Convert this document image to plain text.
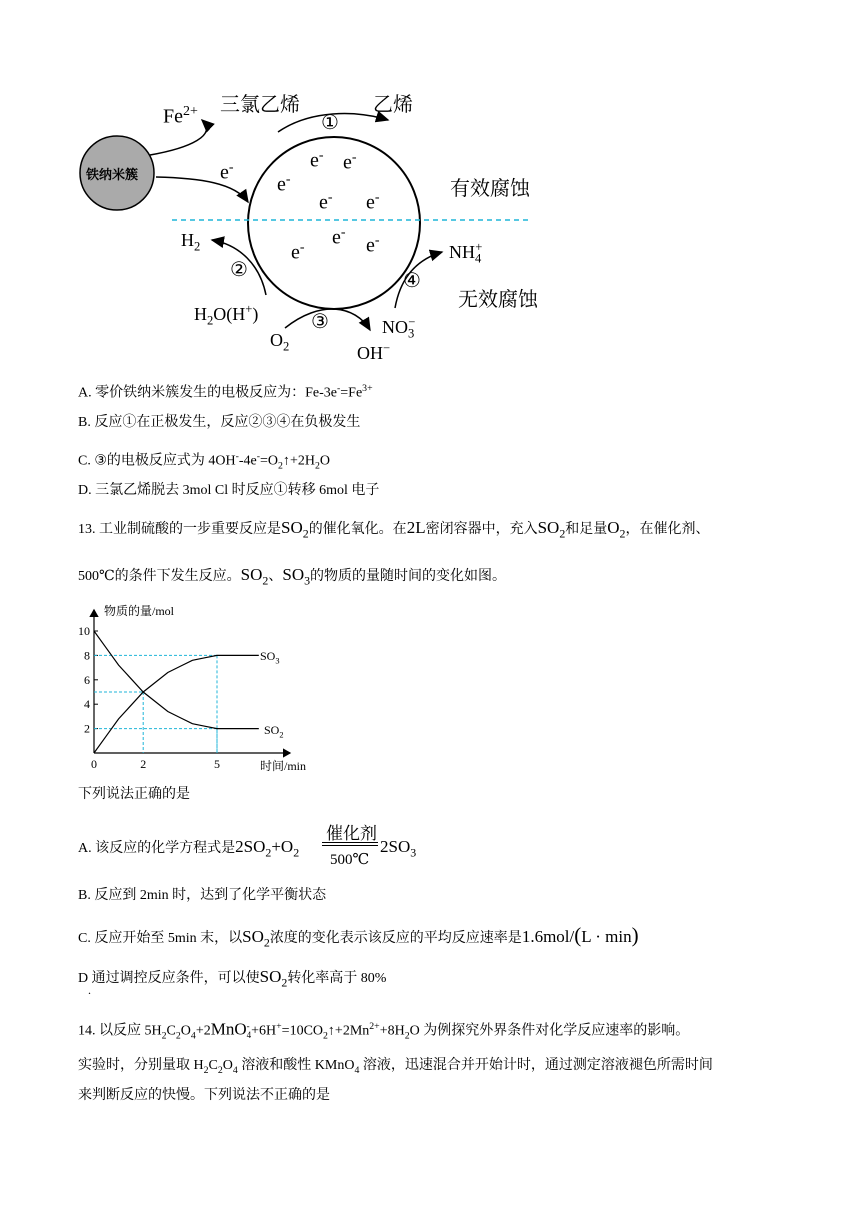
铁纳米簇
$Fe^{2+}$ 三氯乙烯	乙烯
①
有效腐蚀
无效腐蚀
e-
e-
e- e-
e- e-
e-
e-	e-
$H_2$
②
$H_2O(H^+)$	③
$O_2$	OH−
$NO_3^-$
④
$NH_4^+$
A. 零价铁纳米簇发生的电极反应为：$Fe-3e^-=Fe^{3+}$
B. 反应①在正极发生，反应②③④在负极发生
C. ③的电极反应式为 $4OH^--4e^-=O_2↑+2H_2O$
D. 三氯乙烯脱去 3mol Cl 时反应①转移 6mol 电子
13. 工业制硫酸的一步重要反应是$SO_2$的催化氧化。在2L密闭容器中，充入$SO_2$和足量$O_2$，在催化剂、
500℃的条件下发生反应。$SO_2$、$SO_3$的物质的量随时间的变化如图。
2
4
6
8
10
0	2	5
物质的量/mol
时间/min
$SO_3$
$SO_2$
下列说法正确的是
A. 该反应的化学方程式是$2SO_2+O_2$
催化剂
500℃
$2SO_3$
B. 反应到 2min 时，达到了化学平衡状态
C. 反应开始至 5min 末，以$SO_2$浓度的变化表示该反应的平均反应速率是1.6mol/(L · min)
D 通过调控反应条件，可以使$SO_2$转化率高于 80%
.
14. 以反应 $5H_2C_2O_4+2MnO$ -
$4 +6H^+=10CO_2↑+2Mn^{2+}+8H_2O$ 为例探究外界条件对化学反应速率的影响。
实验时，分别量取 $H_2C_2O_4$ 溶液和酸性 KMnO$_4$ 溶液，迅速混合并开始计时，通过测定溶液褪色所需时间
来判断反应的快慢。下列说法不正确的是
